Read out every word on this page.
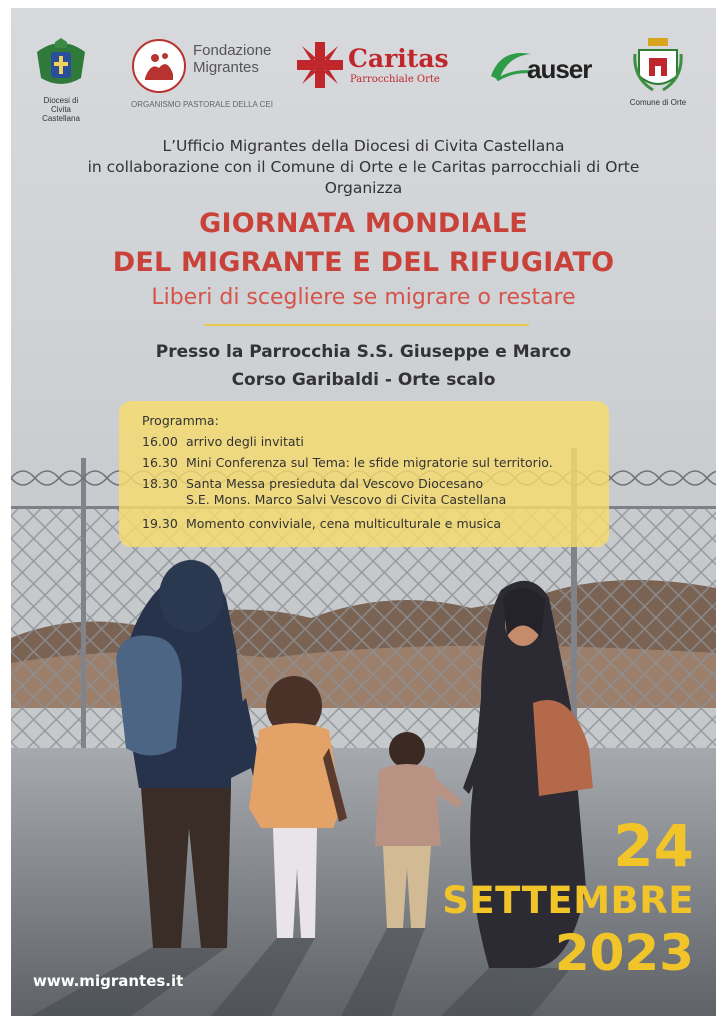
Diocesi di
Civita Castellana
Fondazione
Migrantes
ORGANISMO PASTORALE DELLA CEI
Caritas
Parrocchiale Orte	auser
Comune di Orte
L’Ufficio Migrantes della Diocesi di Civita Castellana
in collaborazione con il Comune di Orte e le Caritas parrocchiali di Orte
Organizza
GIORNATA MONDIALE
DEL MIGRANTE E DEL RIFUGIATO
Liberi di scegliere se migrare o restare
Presso la Parrocchia S.S. Giuseppe e Marco
Corso Garibaldi - Orte scalo
Programma:
16.00 arrivo degli invitati
16.30 Mini Conferenza sul Tema: le sfide migratorie sul territorio.
18.30 Santa Messa presieduta dal Vescovo Diocesano
S.E. Mons. Marco Salvi Vescovo di Civita Castellana
19.30 Momento conviviale, cena multiculturale e musica
24
SETTEMBRE
2023
www.migrantes.it
